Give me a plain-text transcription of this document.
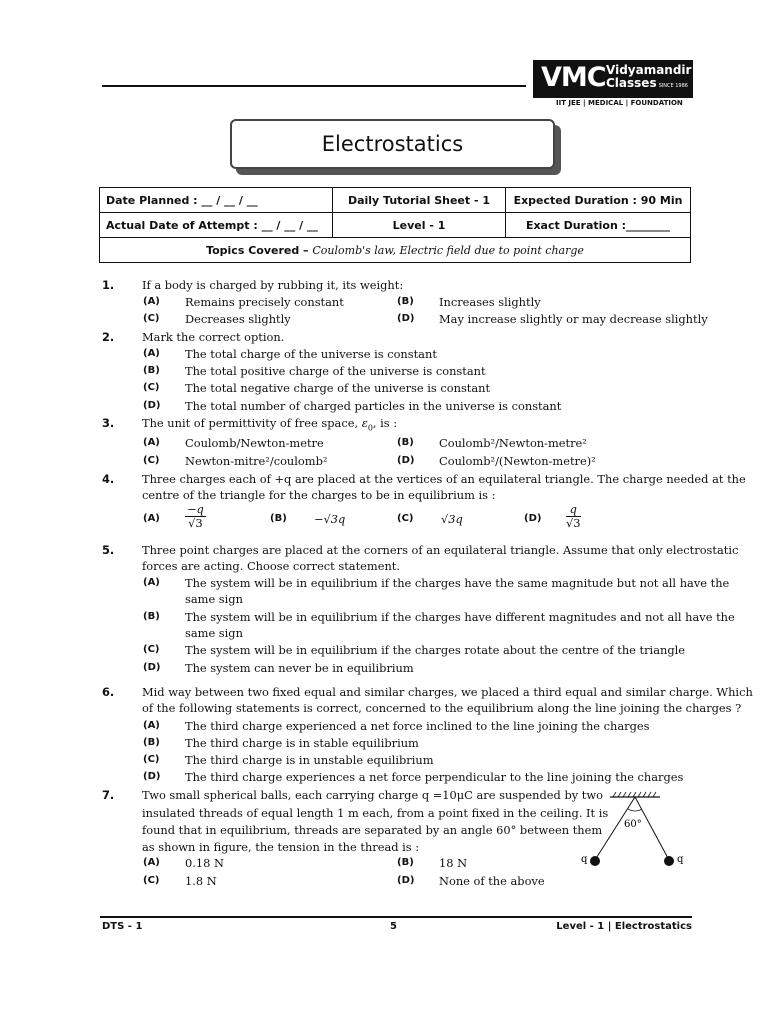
VMC Vidyamandir
Classes SINCE 1986
IIT JEE | MEDICAL | FOUNDATION
Electrostatics
Date Planned : __ / __ / __	Daily Tutorial Sheet - 1	Expected Duration : 90 Min
Actual Date of Attempt : __ / __ / __	Level - 1	Exact Duration :________
Topics Covered – Coulomb's law, Electric field due to point charge		
1. If a body is charged by rubbing it, its weight:
(A) Remains precisely constant	(B) Increases slightly
(C) Decreases slightly	(D) May increase slightly or may decrease slightly
2. Mark the correct option.
(A) The total charge of the universe is constant
(B) The total positive charge of the universe is constant
(C) The total negative charge of the universe is constant
(D) The total number of charged particles in the universe is constant
3. The unit of permittivity of free space, $\varepsilon_0$, is :
(A) Coulomb/Newton-metre	(B) Coulomb²/Newton-metre²
(C) Newton-mitre²/coulomb²	(D) Coulomb²/(Newton-metre)²
4. Three charges each of +q are placed at the vertices of an equilateral triangle. The charge needed at the
centre of the triangle for the charges to be in equilibrium is :
$(A) \frac{-q}{√3}$	(B) −√3q	(C) √3q	$(D) \frac{q}{√3}$
5. Three point charges are placed at the corners of an equilateral triangle. Assume that only electrostatic
forces are acting. Choose correct statement.
(A) The system will be in equilibrium if the charges have the same magnitude but not all have the
same sign
(B) The system will be in equilibrium if the charges have different magnitudes and not all have the
same sign
(C) The system will be in equilibrium if the charges rotate about the centre of the triangle
(D) The system can never be in equilibrium
6. Mid way between two fixed equal and similar charges, we placed a third equal and similar charge. Which
of the following statements is correct, concerned to the equilibrium along the line joining the charges ?
(A) The third charge experienced a net force inclined to the line joining the charges
(B) The third charge is in stable equilibrium
(C) The third charge is in unstable equilibrium
(D) The third charge experiences a net force perpendicular to the line joining the charges
7. Two small spherical balls, each carrying charge q =10μC are suspended by two
insulated threads of equal length 1 m each, from a point fixed in the ceiling. It is
found that in equilibrium, threads are separated by an angle 60° between them
as shown in figure, the tension in the thread is :
(A) 0.18 N	(B) 18 N
(C) 1.8 N	(D) None of the above
60°
q	q
DTS - 1	5	Level - 1 | Electrostatics
